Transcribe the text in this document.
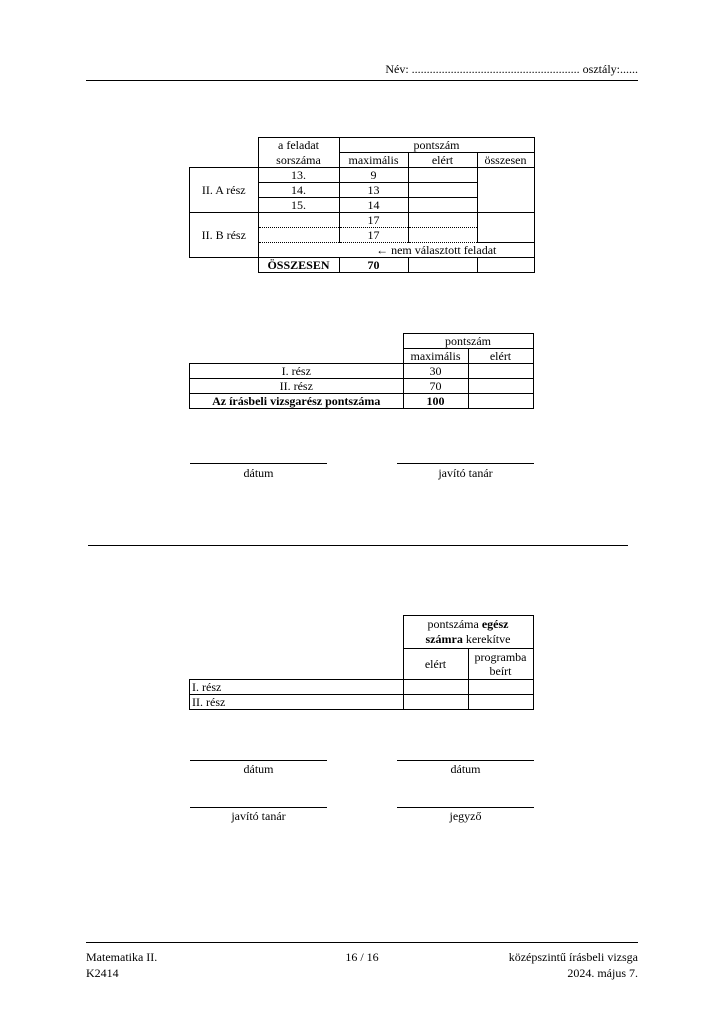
Név: ........................................................ osztály:......
	a feladat	pontszám		
	sorszáma	maximális	elért	összesen
II. A rész	13.	9		
	14.	13		
	15.	14		
II. B rész		17		
		17		
		← nem választott feladat		
	ÖSSZESEN	70		
	pontszám	
	maximális	elért
I. rész	30	
II. rész	70	
Az írásbeli vizsgarész pontszáma	100	
dátum	javító tanár
	pontszáma egész
számra kerekítve	
	elért	programba
beírt
I. rész		
II. rész		
dátum	dátum
javító tanár	jegyző
Matematika II.
K2414
16 / 16	középszintű írásbeli vizsga
2024. május 7.
